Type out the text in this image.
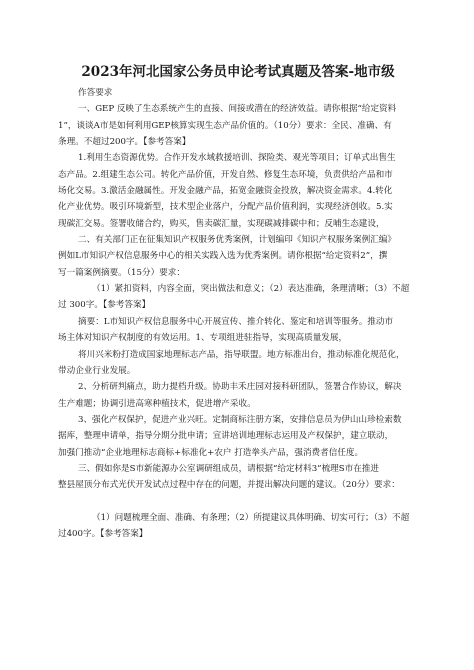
2023年河北国家公务员申论考试真题及答案-地市级
作答要求
一、GEP 反映了生态系统产生的直接、间接或潜在的经济效益。请你根据“给定资料
1”，谈谈A市是如何利用GEP核算实现生态产品价值的。（10分）要求：全民、准确、有
条理。不超过200字。【参考答案】
1.利用生态资源优势。合作开发水域救援培训、探险类、观光等项目；订单式出售生
态产品。2.组建生态公司。转化产品价值，开发自然、修复生态环境，负责供给产品和市
场化交易。3.激活金融属性。开发金融产品，拓宽金融资金投放，解决资金需求。4.转化
化产业优势。吸引环境新型，技术型企业落户，分配产品价值利润，实现经济创收。5.实
现碳汇交易。签署收储合约，购买，售卖碳汇量，实现碳减排碳中和；反哺生态建设，
二、有关部门正在征集知识产权服务优秀案例，计划编印《知识产权服务案例汇编》
例如L市知识产权信息服务中心的相关实践入选为优秀案例。请你根据“给定资料2”，撰
写一篇案例摘要。（15分）要求：
（1）紧扣资料，内容全面，突出做法和意义；（2）表达准确，条理清晰；（3）不超
过 300字。【参考答案】
摘要：L市知识产权信息服务中心开展宣传、推介转化、鉴定和培训等服务。推动市
场主体对知识产权制度的有效运用。1、专项组进驻指导，实现高质量发展，
将川兴米粉打造成国家地理标志产品，指导联盟。地方标准出台，推动标准化规范化，
带动企业行业发展。
2、分析研判痛点，助力提档升级。协助丰禾庄园对接科研团队，签署合作协议，解决
生产难题；协调引进高寒种植技术，促进增产采收。
3、强化产权保护，促进产业兴旺。定制商标注册方案，安排信息员为伊山山珍检索数
据库，整理申请单，指导分期分批申请；宣讲培训地理标志运用及产权保护，建立联动，
加强门推动“企业地理标志商标+标准化+农户 打造拳头产品，强消费者信任度。
三、假如你是S市新能源办公室调研组成员，请根据“给定材料3”梳理S市在推进
整县屋顶分布式光伏开发试点过程中存在的问题，并提出解决问题的建议。（20分）要求：
（1）问题梳理全面、准确、有条理；（2）所提建议具体明确、切实可行；（3）不超
过400字。【参考答案】
